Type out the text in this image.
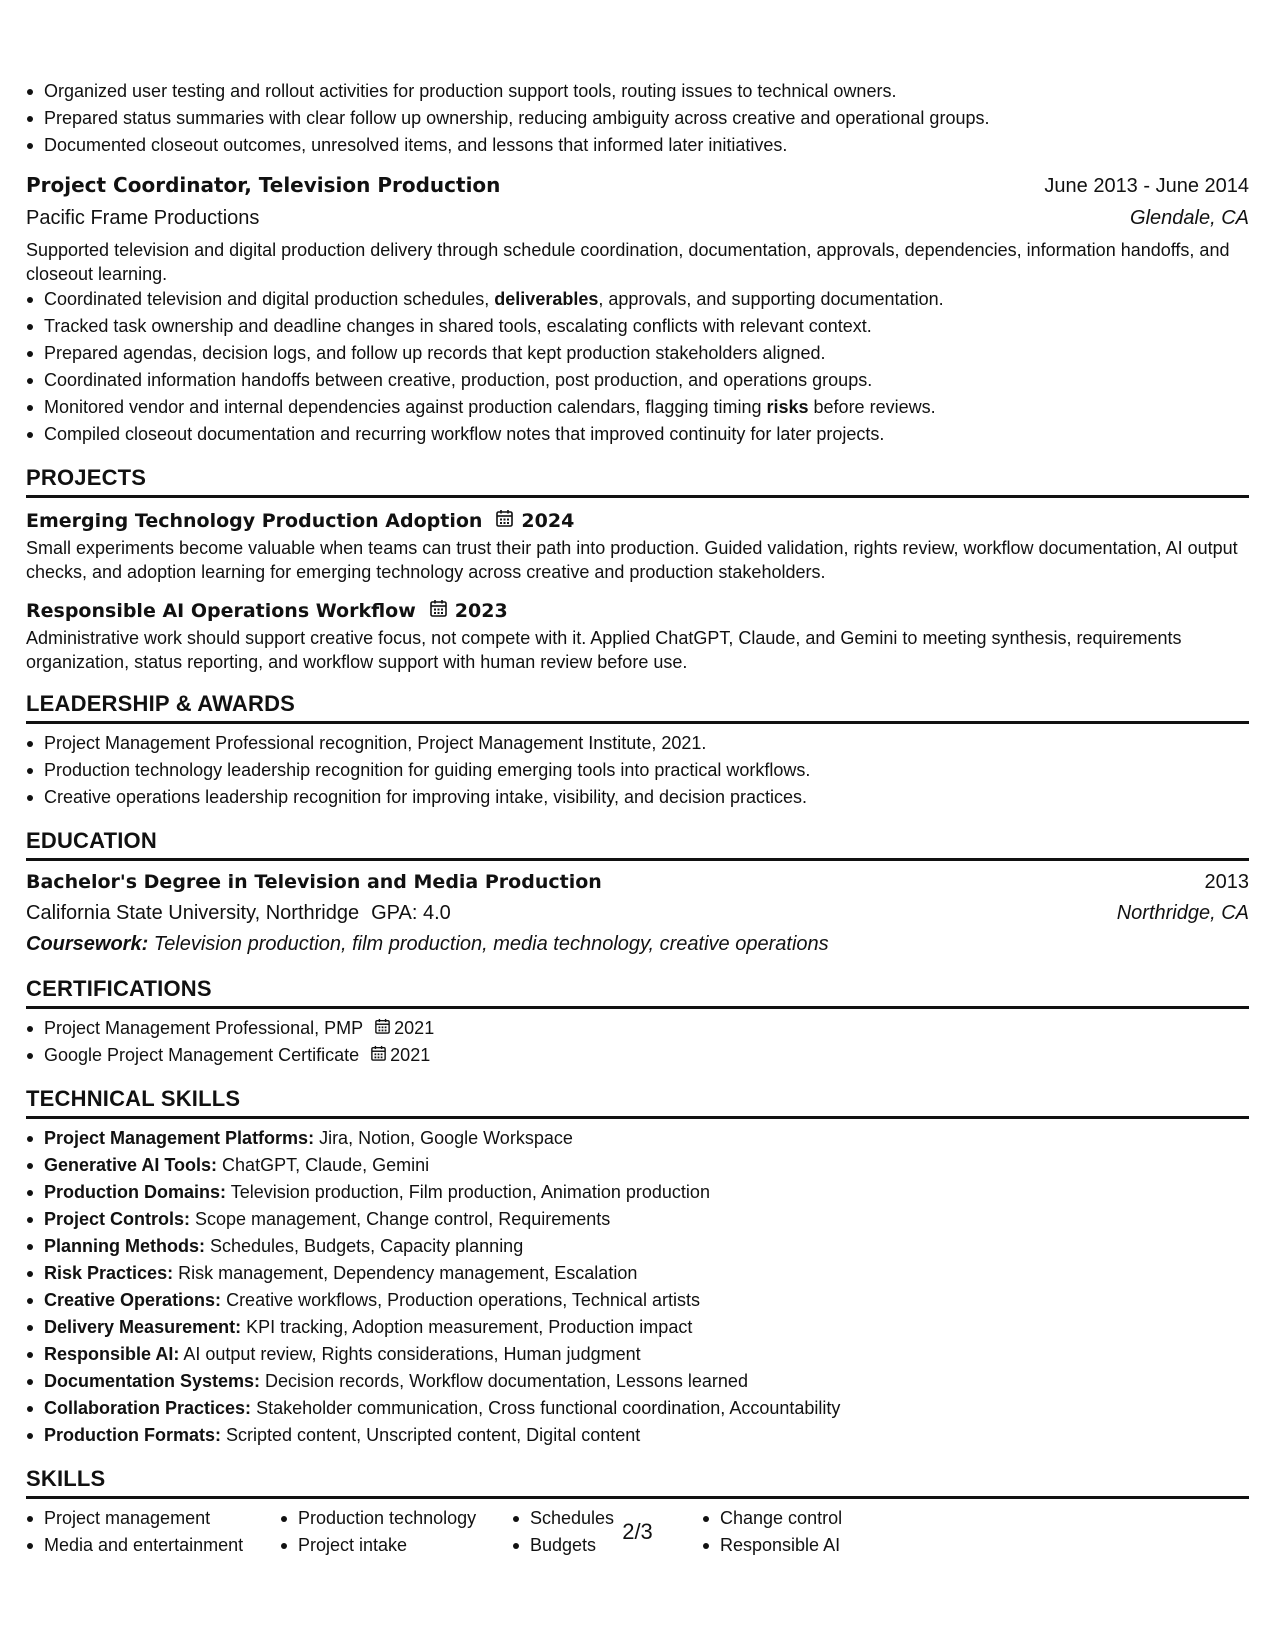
Organized user testing and rollout activities for production support tools, routing issues to technical owners.
Prepared status summaries with clear follow up ownership, reducing ambiguity across creative and operational groups.
Documented closeout outcomes, unresolved items, and lessons that informed later initiatives.
Project Coordinator, Television Production	June 2013 - June 2014
Pacific Frame Productions	Glendale, CA
Supported television and digital production delivery through schedule coordination, documentation, approvals, dependencies, information handoffs, and closeout learning.
Coordinated television and digital production schedules, deliverables, approvals, and supporting documentation.
Tracked task ownership and deadline changes in shared tools, escalating conflicts with relevant context.
Prepared agendas, decision logs, and follow up records that kept production stakeholders aligned.
Coordinated information handoffs between creative, production, post production, and operations groups.
Monitored vendor and internal dependencies against production calendars, flagging timing risks before reviews.
Compiled closeout documentation and recurring workflow notes that improved continuity for later projects.
PROJECTS
Emerging Technology Production Adoption 2024
Small experiments become valuable when teams can trust their path into production. Guided validation, rights review, workflow documentation, AI output checks, and adoption learning for emerging technology across creative and production stakeholders.
Responsible AI Operations Workflow 2023
Administrative work should support creative focus, not compete with it. Applied ChatGPT, Claude, and Gemini to meeting synthesis, requirements organization, status reporting, and workflow support with human review before use.
LEADERSHIP & AWARDS
Project Management Professional recognition, Project Management Institute, 2021.
Production technology leadership recognition for guiding emerging tools into practical workflows.
Creative operations leadership recognition for improving intake, visibility, and decision practices.
EDUCATION
Bachelor's Degree in Television and Media Production	2013
California State University, Northridge GPA: 4.0	Northridge, CA
Coursework: Television production, film production, media technology, creative operations
CERTIFICATIONS
Project Management Professional, PMP 2021
Google Project Management Certificate 2021
TECHNICAL SKILLS
Project Management Platforms: Jira, Notion, Google Workspace
Generative AI Tools: ChatGPT, Claude, Gemini
Production Domains: Television production, Film production, Animation production
Project Controls: Scope management, Change control, Requirements
Planning Methods: Schedules, Budgets, Capacity planning
Risk Practices: Risk management, Dependency management, Escalation
Creative Operations: Creative workflows, Production operations, Technical artists
Delivery Measurement: KPI tracking, Adoption measurement, Production impact
Responsible AI: AI output review, Rights considerations, Human judgment
Documentation Systems: Decision records, Workflow documentation, Lessons learned
Collaboration Practices: Stakeholder communication, Cross functional coordination, Accountability
Production Formats: Scripted content, Unscripted content, Digital content
SKILLS
Project management
Media and entertainment
Production technology
Project intake
Schedules
Budgets
Change control
Responsible AI
2/3
